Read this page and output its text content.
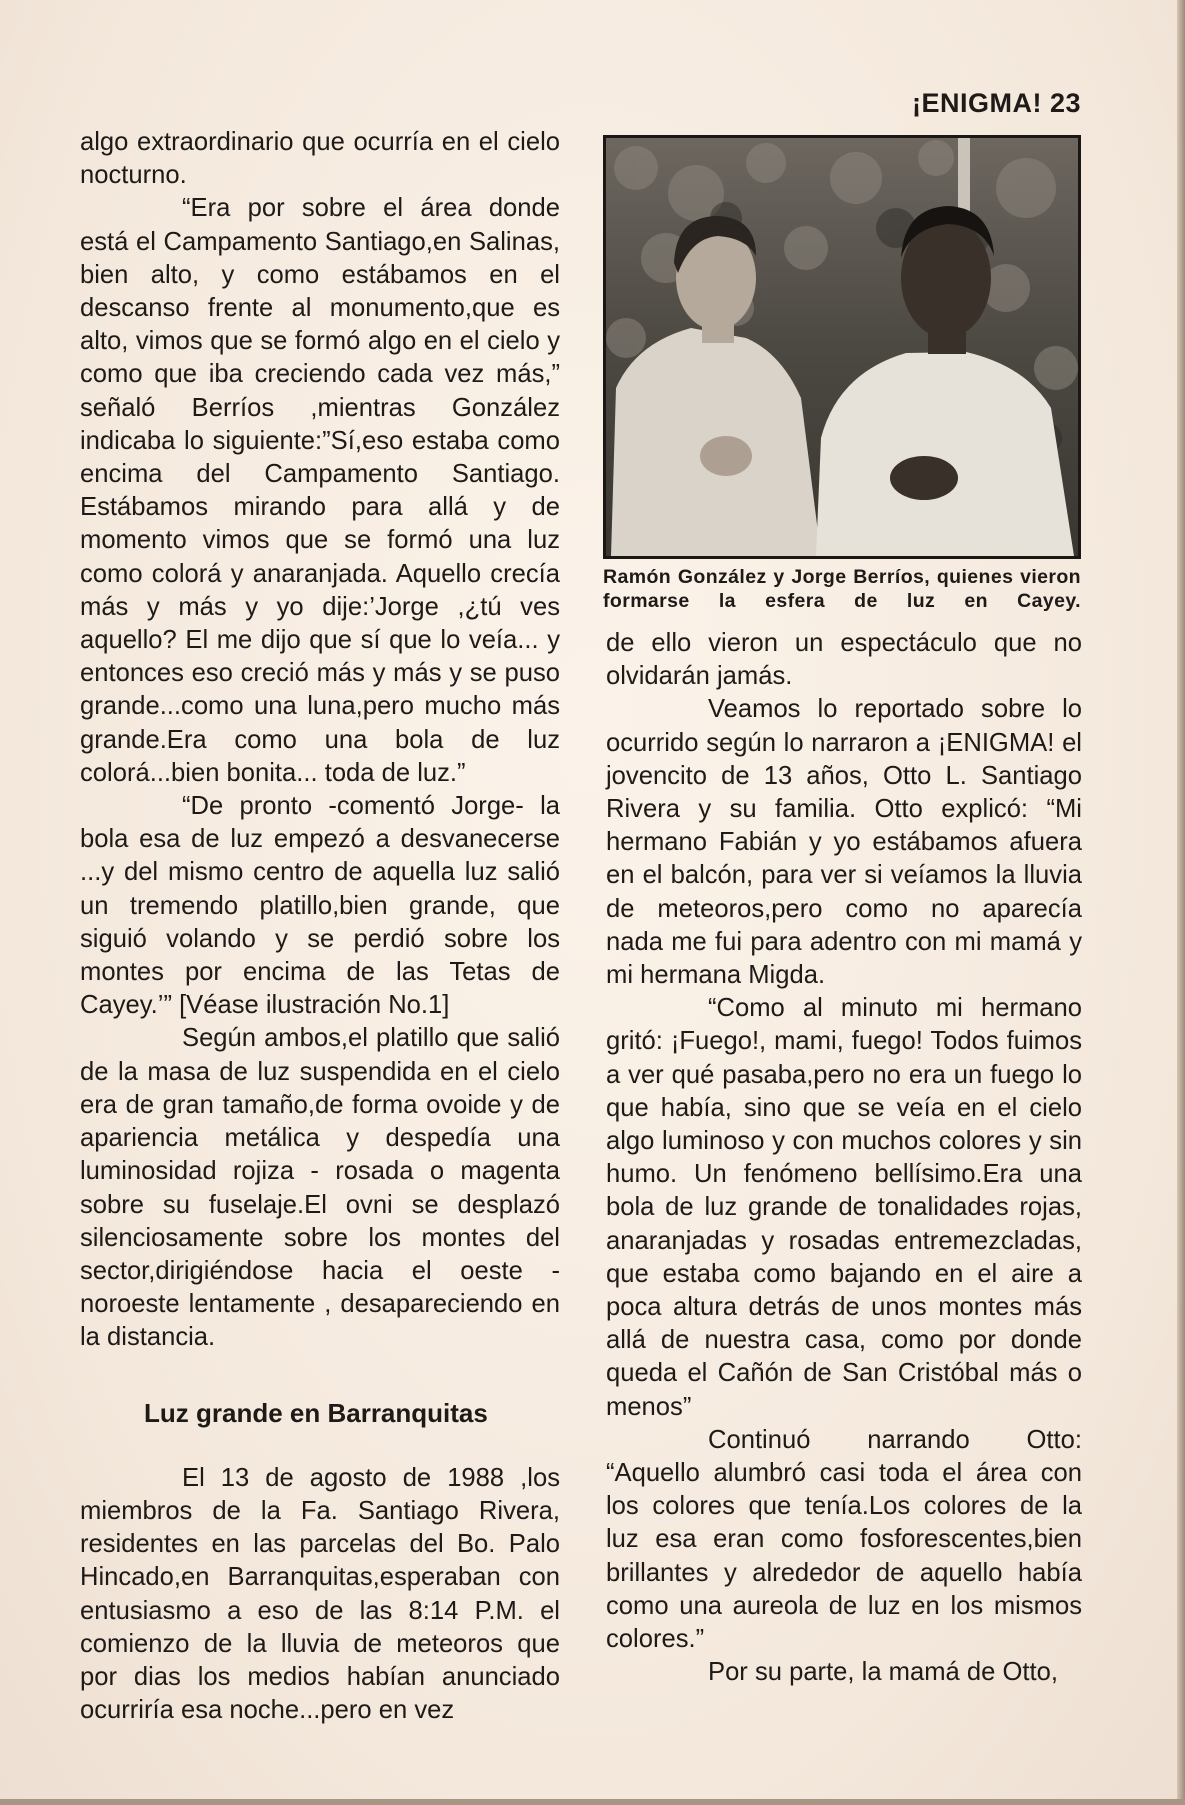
¡ENIGMA! 23

algo extraordinario que ocurría en el cielo nocturno.

“Era por sobre el área donde está el Campamento Santiago,en Salinas, bien alto, y como estábamos en el descanso frente al monumento,que es alto, vimos que se formó algo en el cielo y como que iba creciendo cada vez más,” señaló Berríos ,mientras González indicaba lo siguiente:”Sí,eso estaba como encima del Campamento Santiago. Estábamos mirando para allá y de momento vimos que se formó una luz como colorá y anaranjada. Aquello crecía más y más y yo dije:’Jorge ,¿tú ves aquello? El me dijo que sí que lo veía... y entonces eso creció más y más y se puso grande...como una luna,pero mucho más grande.Era como una bola de luz colorá...bien bonita... toda de luz.”

“De pronto -comentó Jorge- la bola esa de luz empezó a desvanecerse ...y del mismo centro de aquella luz salió un tremendo platillo,bien grande, que siguió volando y se perdió sobre los montes por encima de las Tetas de Cayey.’” [Véase ilustración No.1]

Según ambos,el platillo que salió de la masa de luz suspendida en el cielo era de gran tamaño,de forma ovoide y de apariencia metálica y despedía una luminosidad rojiza - rosada o magenta sobre su fuselaje.El ovni se desplazó silenciosamente sobre los montes del sector,dirigiéndose hacia el oeste - noroeste lentamente , desapareciendo en la distancia.

Luz grande en Barranquitas

El 13 de agosto de 1988 ,los miembros de la Fa. Santiago Rivera, residentes en las parcelas del Bo. Palo Hincado,en Barranquitas,esperaban con entusiasmo a eso de las 8:14 P.M. el comienzo de la lluvia de meteoros que por dias los medios habían anunciado ocurriría esa noche...pero en vez

Ramón González y Jorge Berríos, quienes vieron formarse la esfera de luz en Cayey.

de ello vieron un espectáculo que no olvidarán jamás.

Veamos lo reportado sobre lo ocurrido según lo narraron a ¡ENIGMA! el jovencito de 13 años, Otto L. Santiago Rivera y su familia. Otto explicó: “Mi hermano Fabián y yo estábamos afuera en el balcón, para ver si veíamos la lluvia de meteoros,pero como no aparecía nada me fui para adentro con mi mamá y mi hermana Migda.

“Como al minuto mi hermano gritó: ¡Fuego!, mami, fuego! Todos fuimos a ver qué pasaba,pero no era un fuego lo que había, sino que se veía en el cielo algo luminoso y con muchos colores y sin humo. Un fenómeno bellísimo.Era una bola de luz grande de tonalidades rojas, anaranjadas y rosadas entremezcladas, que estaba como bajando en el aire a poca altura detrás de unos montes más allá de nuestra casa, como por donde queda el Cañón de San Cristóbal más o menos”

Continuó narrando Otto: “Aquello alumbró casi toda el área con los colores que tenía.Los colores de la luz esa eran como fosforescentes,bien brillantes y alrededor de aquello había como una aureola de luz en los mismos colores.”

Por su parte, la mamá de Otto,
